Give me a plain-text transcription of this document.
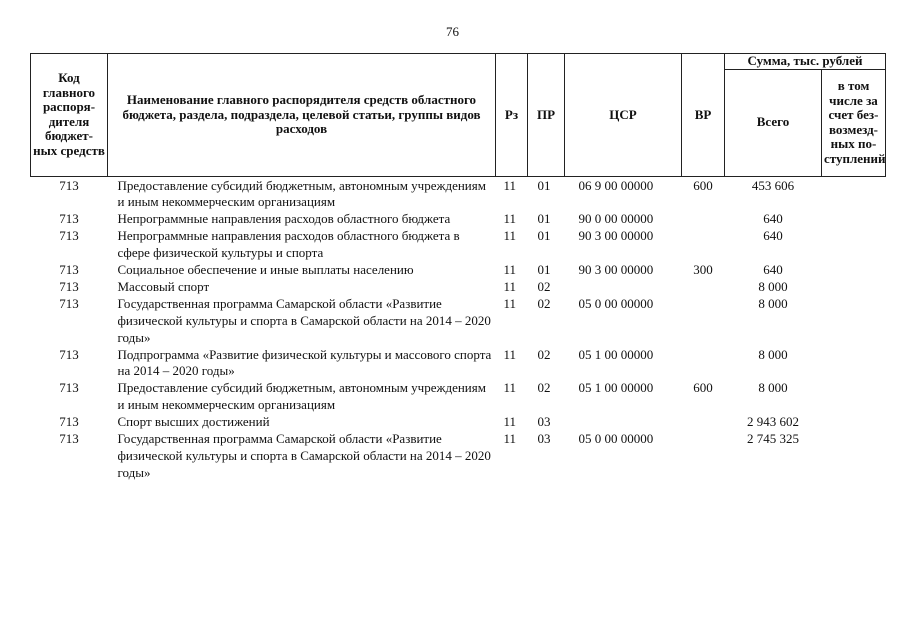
76
Код главного распоря-дителя бюджет-ных средств	Наименование главного распорядителя средств областного бюджета, раздела, подраздела, целевой статьи, группы видов расходов	Рз	ПР	ЦСР	ВР	Сумма, тыс. рублей	
						Всего	в том числе за счет без-возмезд-ных по-ступлений
713	Предоставление субсидий бюджетным, автономным учреждениям и иным некоммерческим организациям	11	01	06 9 00 00000	600	453 606	
713	Непрограммные направления расходов областного бюджета	11	01	90 0 00 00000		640	
713	Непрограммные направления расходов областного бюджета в сфере физической культуры и спорта	11	01	90 3 00 00000		640	
713	Социальное обеспечение и иные выплаты населению	11	01	90 3 00 00000	300	640	
713	Массовый спорт	11	02			8 000	
713	Государственная программа Самарской области «Развитие физической культуры и спорта в Самарской области на 2014 – 2020 годы»	11	02	05 0 00 00000		8 000	
713	Подпрограмма «Развитие физической культуры и массового спорта на 2014 – 2020 годы»	11	02	05 1 00 00000		8 000	
713	Предоставление субсидий бюджетным, автономным учреждениям и иным некоммерческим организациям	11	02	05 1 00 00000	600	8 000	
713	Спорт высших достижений	11	03			2 943 602	
713	Государственная программа Самарской области «Развитие физической культуры и спорта в Самарской области на 2014 – 2020 годы»	11	03	05 0 00 00000		2 745 325	
